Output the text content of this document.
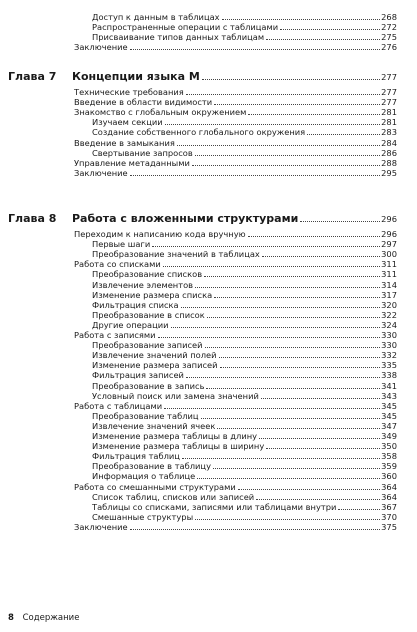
Доступ к данным в таблицах	268
Распространенные операции с таблицами	272
Присваивание типов данных таблицам	275
Заключение	276
Глава 7	Концепции языка M	277
Технические требования	277
Введение в области видимости	277
Знакомство с глобальным окружением	281
Изучаем секции	281
Создание собственного глобального окружения	283
Введение в замыкания	284
Свертывание запросов	286
Управление метаданными	288
Заключение	295
Глава 8	Работа с вложенными структурами	296
Переходим к написанию кода вручную	296
Первые шаги	297
Преобразование значений в таблицах	300
Работа со списками	311
Преобразование списков	311
Извлечение элементов	314
Изменение размера списка	317
Фильтрация списка	320
Преобразование в список	322
Другие операции	324
Работа с записями	330
Преобразование записей	330
Извлечение значений полей	332
Изменение размера записей	335
Фильтрация записей	338
Преобразование в запись	341
Условный поиск или замена значений	343
Работа с таблицами	345
Преобразование таблиц	345
Извлечение значений ячеек	347
Изменение размера таблицы в длину	349
Изменение размера таблицы в ширину	350
Фильтрация таблиц	358
Преобразование в таблицу	359
Информация о таблице	360
Работа со смешанными структурами	364
Список таблиц, списков или записей	364
Таблицы со списками, записями или таблицами внутри	367
Смешанные структуры	370
Заключение	375
8 Содержание
